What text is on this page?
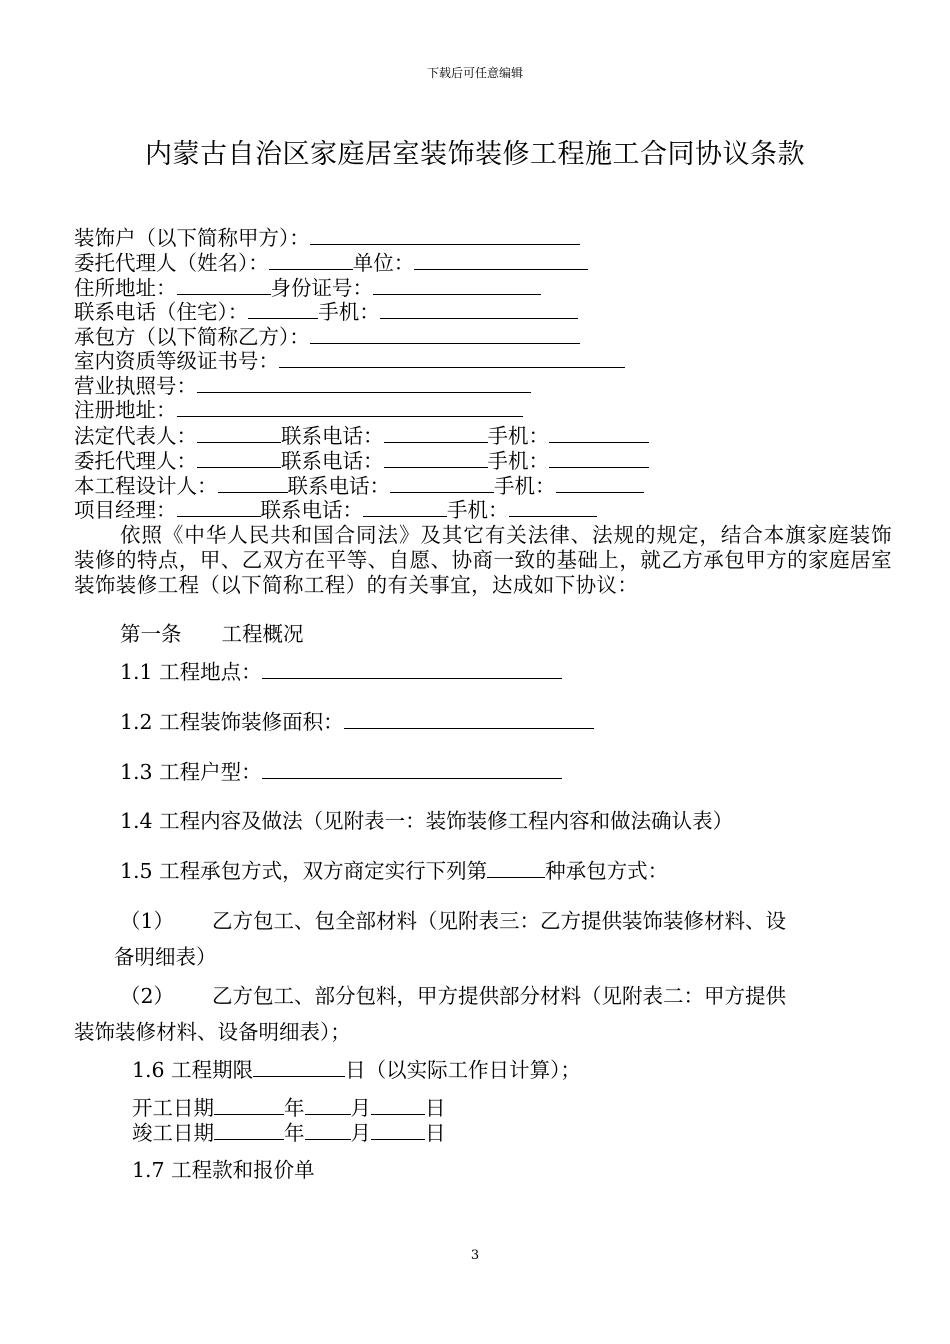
下载后可任意编辑
内蒙古自治区家庭居室装饰装修工程施工合同协议条款
装饰户（以下简称甲方）：
委托代理人（姓名）：	单位：
住所地址：	身份证号：
联系电话（住宅）：	手机：
承包方（以下简称乙方）：
室内资质等级证书号：
营业执照号：
注册地址：
法定代表人：	联系电话：	手机：
委托代理人：	联系电话：	手机：
本工程设计人：	联系电话：	手机：
项目经理：	联系电话：	手机：
依照《中华人民共和国合同法》及其它有关法律、法规的规定，结合本旗家庭装饰装修的特点，甲、乙双方在平等、自愿、协商一致的基础上，就乙方承包甲方的家庭居室装饰装修工程（以下简称工程）的有关事宜，达成如下协议：
第一条 工程概况
1.1 工程地点：
1.2 工程装饰装修面积：
1.3 工程户型：
1.4 工程内容及做法（见附表一：装饰装修工程内容和做法确认表）
1.5 工程承包方式，双方商定实行下列第	种承包方式：
（1） 乙方包工、包全部材料（见附表三：乙方提供装饰装修材料、设
备明细表）
（2） 乙方包工、部分包料，甲方提供部分材料（见附表二：甲方提供
装饰装修材料、设备明细表）；
1.6 工程期限	日（以实际工作日计算）；
开工日期	年 月	日
竣工日期	年 月	日
1.7 工程款和报价单
3
